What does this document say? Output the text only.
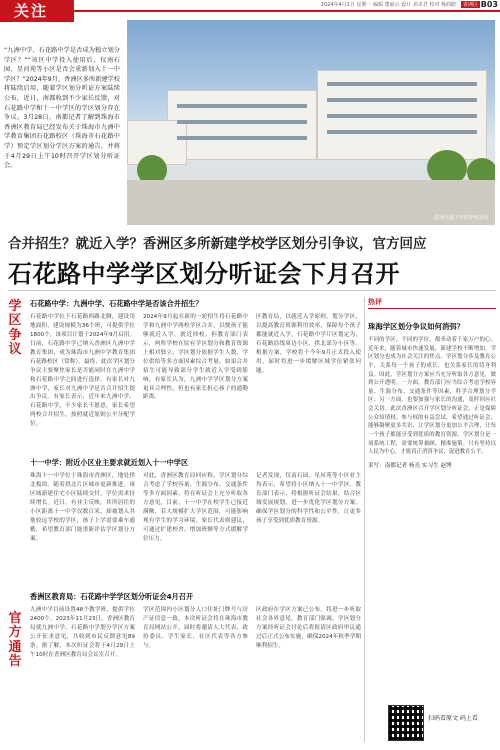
关注	2024年4月1日 星期一 编辑 董丽云 设计 邓卓君 校对 杨润皓	香洲区 B03
“九洲中学、石花路中学是否成为独立划分学区？”“该区中学投入使用后，仅南石园、星河苑等小区是否会重新划入十一中学区？”2024年9月，香洲区多所新建学校将陆续启用，随着学区划分听证方案陆续公布，近日，南都收到不少家长反馈，对石花路中学和十一中学区的学区划分存在争议。3月28日，南都记者了解到珠海市香洲区教育局已经发布关于珠海市九洲中学教育集团石花路校区（珠海市石花路中学）预定学区划分学区方案的通告，并将于4月29日上午10时召开学区划分听证会。
香洲区施工中的学校项目
合并招生？就近入学？香洲区多所新建学校学区划分引争议，官方回应
石花路中学学区划分听证会下月召开
学区争议
石花路中学：九洲中学、石花路中学是否该合并招生？
石花路中学位于石花路西路北侧，建设用地面积，建设规模为36个班，可提供学位1800个，该项目计划于2024年9月启用。目前，石花路中学已纳入香洲区九洲中学教育集团，成为珠海市九洲中学教育集团石花路校区（常称）。最终，此次学区划分争议主要聚焦家长是否能同时在九洲中学和石花路中学之间进行选择，有家长对九洲中学，家长对九洲中学是否合并招生提出争议。有家长表示，近年来九洲中学、石花路中学，不少家长不愿意，家长希望两校合并招生，按照就近原则公平分配学位。
2024年9月起在新的一轮招生将石花路中学和九洲中学两校学区合并，以便孩子能够就近入学，就近择校。但教育部门表示，两所学校在原有学区划分和教育资源上相对独立，学区划分依据学生人数、学位供给等多方面因素综合考量，如果合并招生可能导致部分学生就近入学受到影响。有家长认为，九洲中学学区划分方案更具合理性，但也有家长担心孩子的通勤距离。
区教育局，以就近入学原则，划分学区，以提高教育资源利用效率，保障每个孩子都能就近入学。石花路中学片区划定为，石花路沿线周边小区、拱北部分小区等。根据方案，学校将于今年9月正式投入使用，届时将进一步缓解区域学位紧张问题。
十一中学：附近小区业主要求就近划入十一中学区
珠海十一中学位于珠海市香洲区，地处拱北板块。随着拱北片区城市更新推进，该区域新建住宅小区陆续交付，学位需求持续增长。近日，有业主反映，其所居住的小区距离十一中学仅数百米，却被划入其他较远学校的学区，孩子上学需要乘车通勤，希望教育部门能重新评估学区划分方案。
对此，香洲区教育局回应称，学区划分综合考虑了学校容量、生源分布、交通条件等多方面因素，将在听证会上充分听取各方意见。目前，十一中学在校学生已接近满额，若大规模扩大学区范围，可能影响现有学生的学习环境。家长代表则建议，可通过扩建校舍、增加班额等方式缓解学位压力。
记者发现，仅南石园、星河苑等小区业主均表示，希望将小区纳入十一中学区。教育部门表示，将根据听证会结果，结合区域发展规划，进一步优化学区划分方案，确保学区划分的科学性和公平性，让更多孩子享受到优质教育资源。
官方通告
香洲区教育局：石花路中学学区划分听证会4月召开
九洲中学目前设置48个教学班，提供学位2400个。2023年11月23日，香洲区教育局就九洲中学、石花路中学划分学区方案公开征求意见，共收到市民反馈意见89条。据了解，本次听证会将于4月29日上午10时在香洲区教育局会议室召开。
学区范围内小区划分人口住址门牌号与房产证信息一致。本次听证会将在珠海市教育局网站公开，届时将邀请人大代表、政协委员、学生家长、社区代表等各方参与。
区政府在学区方案已公布，将进一步听取社会各界意见。教育部门强调，学区划分方案经听证会讨论后将报请区政府审议通过后正式公布实施，确保2024年秋季学期顺利招生。
热评
珠海学区划分争议如何消弭？
不同的学区，不同的学位，都牵动着千家万户的心。近年来，随着城市快速发展，新建学校不断增加，学区划分也成为社会关注的焦点。学区划分涉及教育公平，关系每一个孩子的成长，也关系家长的切身利益。因此，学区划分方案应当充分听取各方意见，做到公开透明。一方面，教育部门应当综合考虑学校容量、生源分布、交通条件等因素，科学合理划分学区；另一方面，也要加强与家长的沟通，及时回应社会关切。此次香洲区召开学区划分听证会，正是保障公众知情权、参与权的有益尝试。希望通过听证会，能够凝聚更多共识，让学区划分更加公平合理，让每一个孩子都能享受到优质的教育资源。学区划分是一项系统工程，需要统筹兼顾、精准施策。只有坚持以人民为中心，才能真正消弭争议，促进教育公平。
采写：南都记者 杨亮 实习生 赵博
扫码看原文 码上看
